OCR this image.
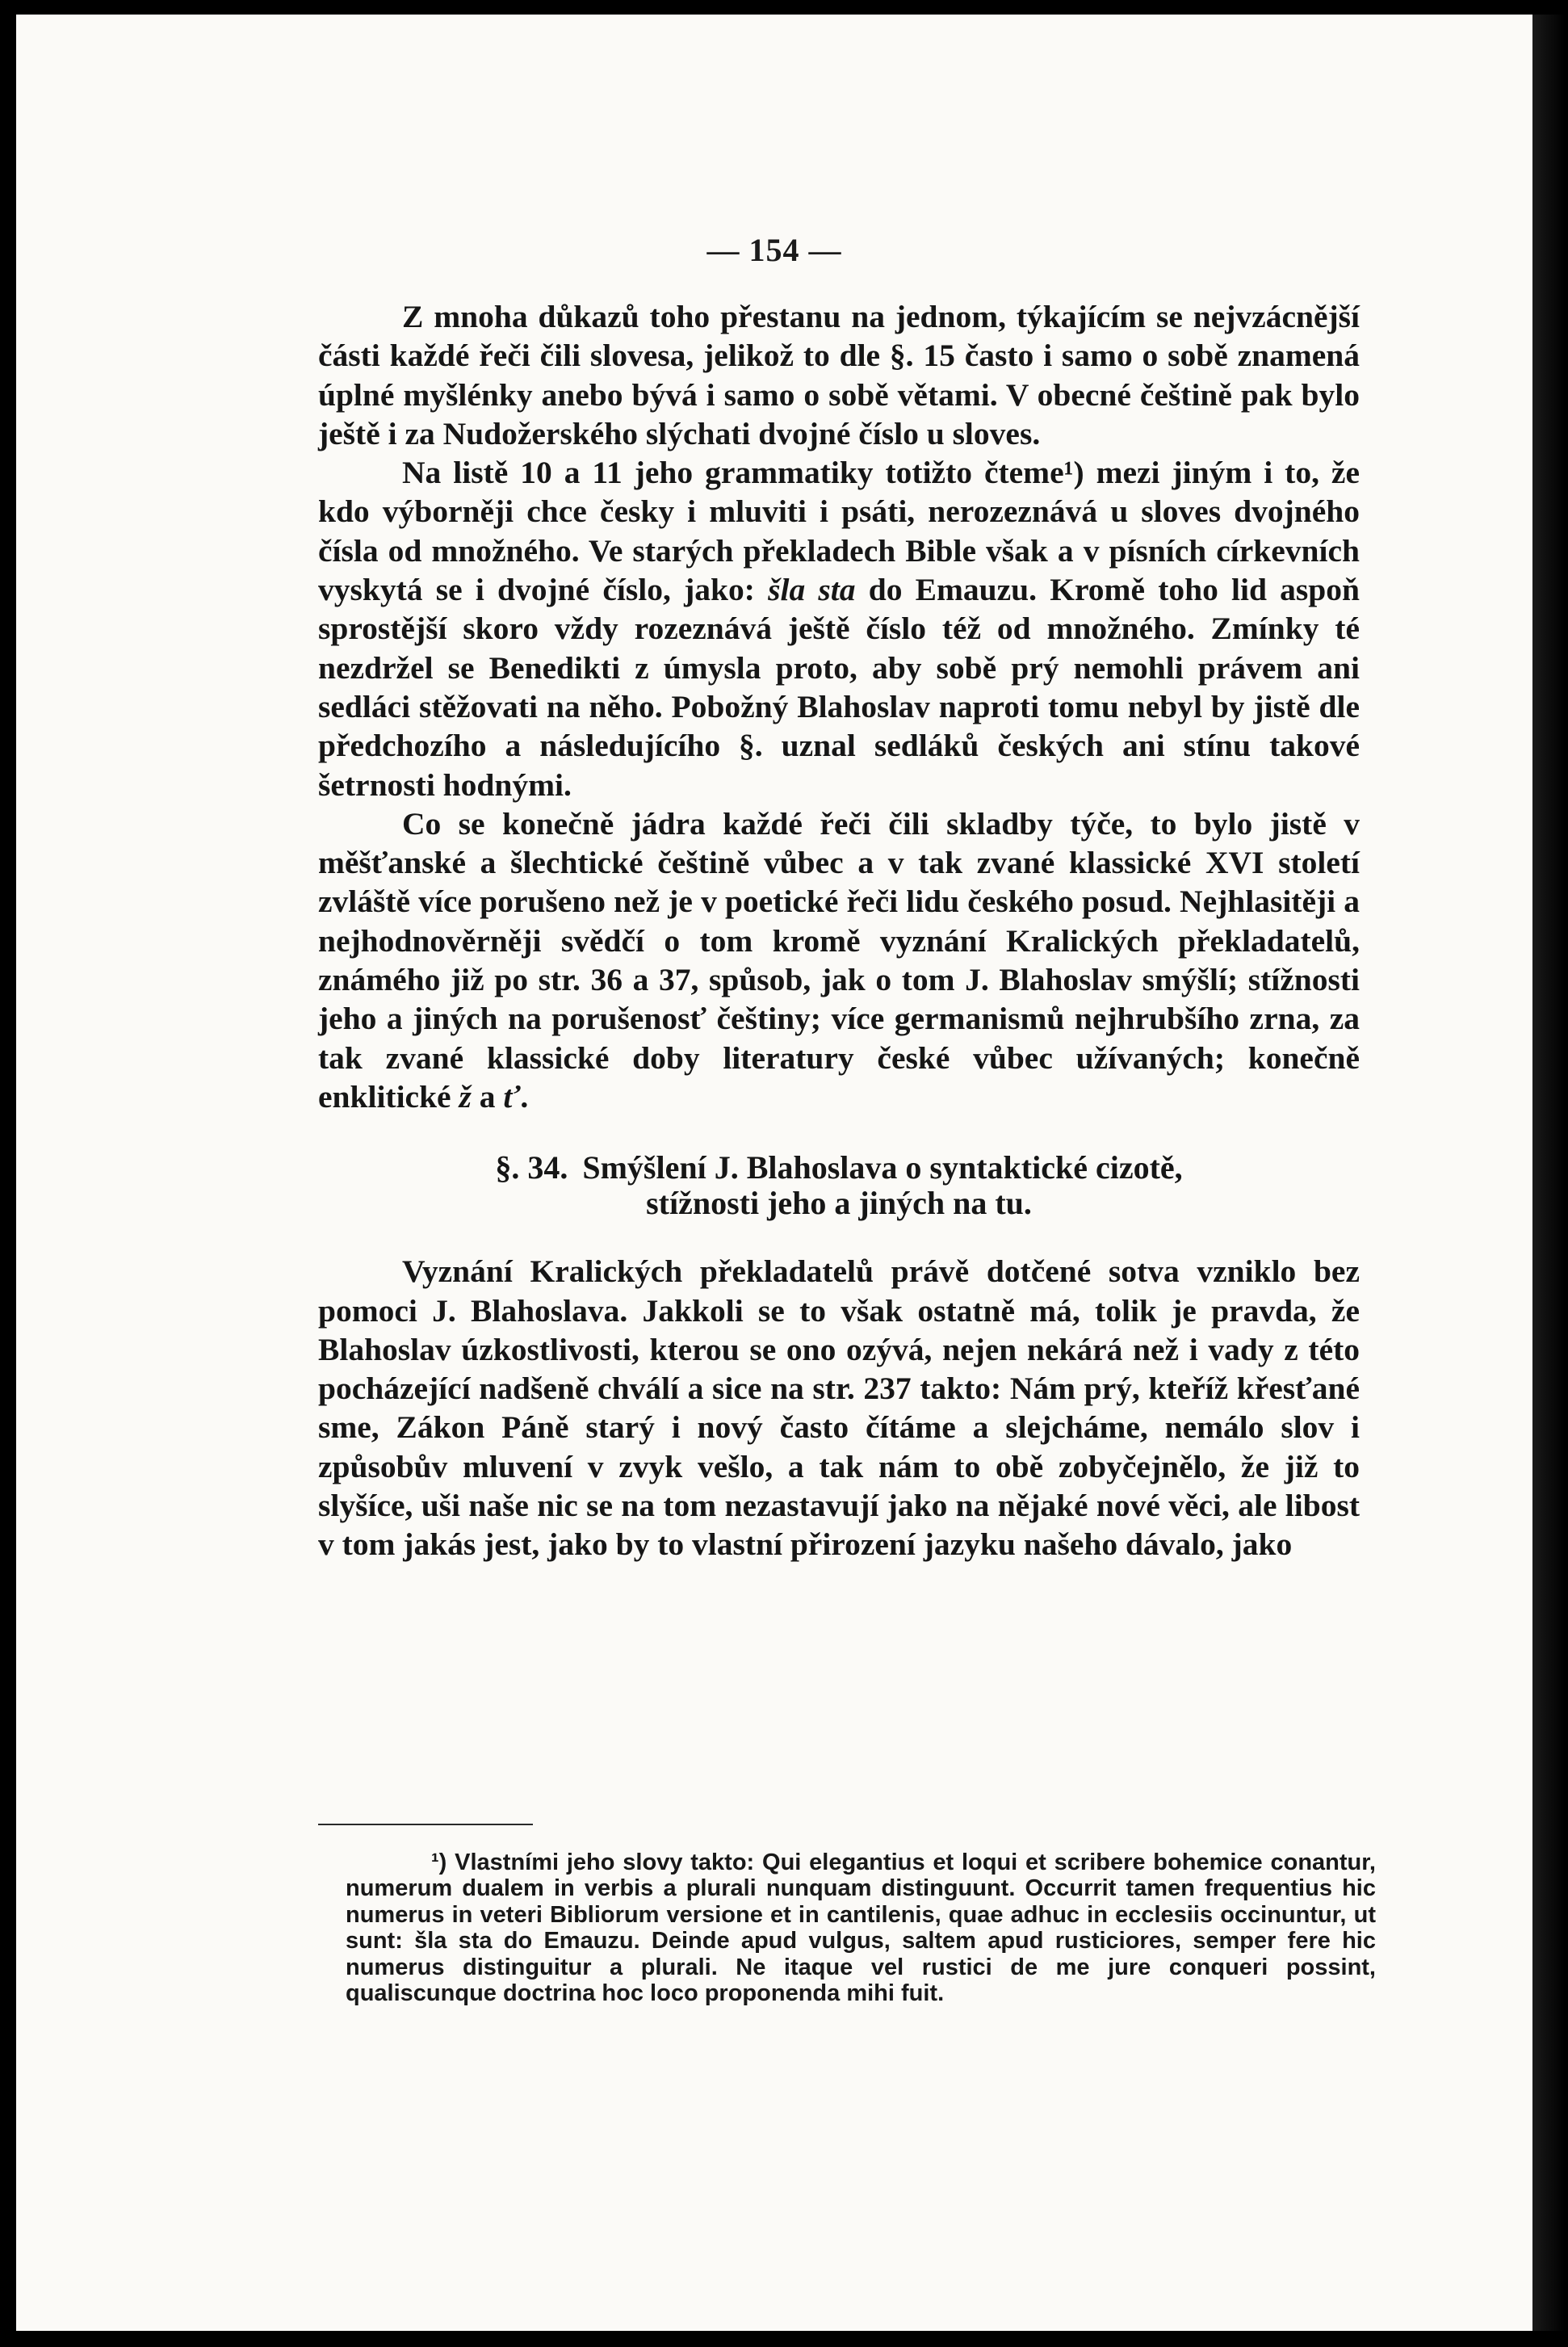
— 154 —

Z mnoha důkazů toho přestanu na jednom, týkajícím se nejvzácnější části každé řeči čili slovesa, jelikož to dle §. 15 často i samo o sobě znamená úplné myšlénky anebo bývá i samo o sobě větami. V obecné češtině pak bylo ještě i za Nudožerského slýchati dvojné číslo u sloves.

Na listě 10 a 11 jeho grammatiky totižto čteme¹) mezi jiným i to, že kdo výborněji chce česky i mluviti i psáti, nerozeznává u sloves dvojného čísla od množného. Ve starých překladech Bible však a v písních církevních vyskytá se i dvojné číslo, jako: šla sta do Emauzu. Kromě toho lid aspoň sprostější skoro vždy rozeznává ještě číslo též od množného. Zmínky té nezdržel se Benedikti z úmysla proto, aby sobě prý nemohli právem ani sedláci stěžovati na něho. Pobožný Blahoslav naproti tomu nebyl by jistě dle předchozího a následujícího §. uznal sedláků českých ani stínu takové šetrnosti hodnými.

Co se konečně jádra každé řeči čili skladby týče, to bylo jistě v měšťanské a šlechtické češtině vůbec a v tak zvané klassické XVI století zvláště více porušeno než je v poetické řeči lidu českého posud. Nejhlasitěji a nejhodnověrněji svědčí o tom kromě vyznání Kralických překladatelů, známého již po str. 36 a 37, spůsob, jak o tom J. Blahoslav smýšlí; stížnosti jeho a jiných na porušenosť češtiny; více germanismů nejhrubšího zrna, za tak zvané klassické doby literatury české vůbec užívaných; konečně enklitické ž a ť.

§. 34. Smýšlení J. Blahoslava o syntaktické cizotě,
stížnosti jeho a jiných na tu.

Vyznání Kralických překladatelů právě dotčené sotva vzniklo bez pomoci J. Blahoslava. Jakkoli se to však ostatně má, tolik je pravda, že Blahoslav úzkostlivosti, kterou se ono ozývá, nejen nekárá než i vady z této pocházející nadšeně chválí a sice na str. 237 takto: Nám prý, kteříž křesťané sme, Zákon Páně starý i nový často čítáme a slejcháme, nemálo slov i způsobův mluvení v zvyk vešlo, a tak nám to obě zobyčejnělo, že již to slyšíce, uši naše nic se na tom nezastavují jako na nějaké nové věci, ale libost v tom jakás jest, jako by to vlastní přirození jazyku našeho dávalo, jako

¹) Vlastními jeho slovy takto: Qui elegantius et loqui et scribere bohemice conantur, numerum dualem in verbis a plurali nunquam distinguunt. Occurrit tamen frequentius hic numerus in veteri Bibliorum versione et in cantilenis, quae adhuc in ecclesiis occinuntur, ut sunt: šla sta do Emauzu. Deinde apud vulgus, saltem apud rusticiores, semper fere hic numerus distinguitur a plurali. Ne itaque vel rustici de me jure conqueri possint, qualiscunque doctrina hoc loco proponenda mihi fuit.
